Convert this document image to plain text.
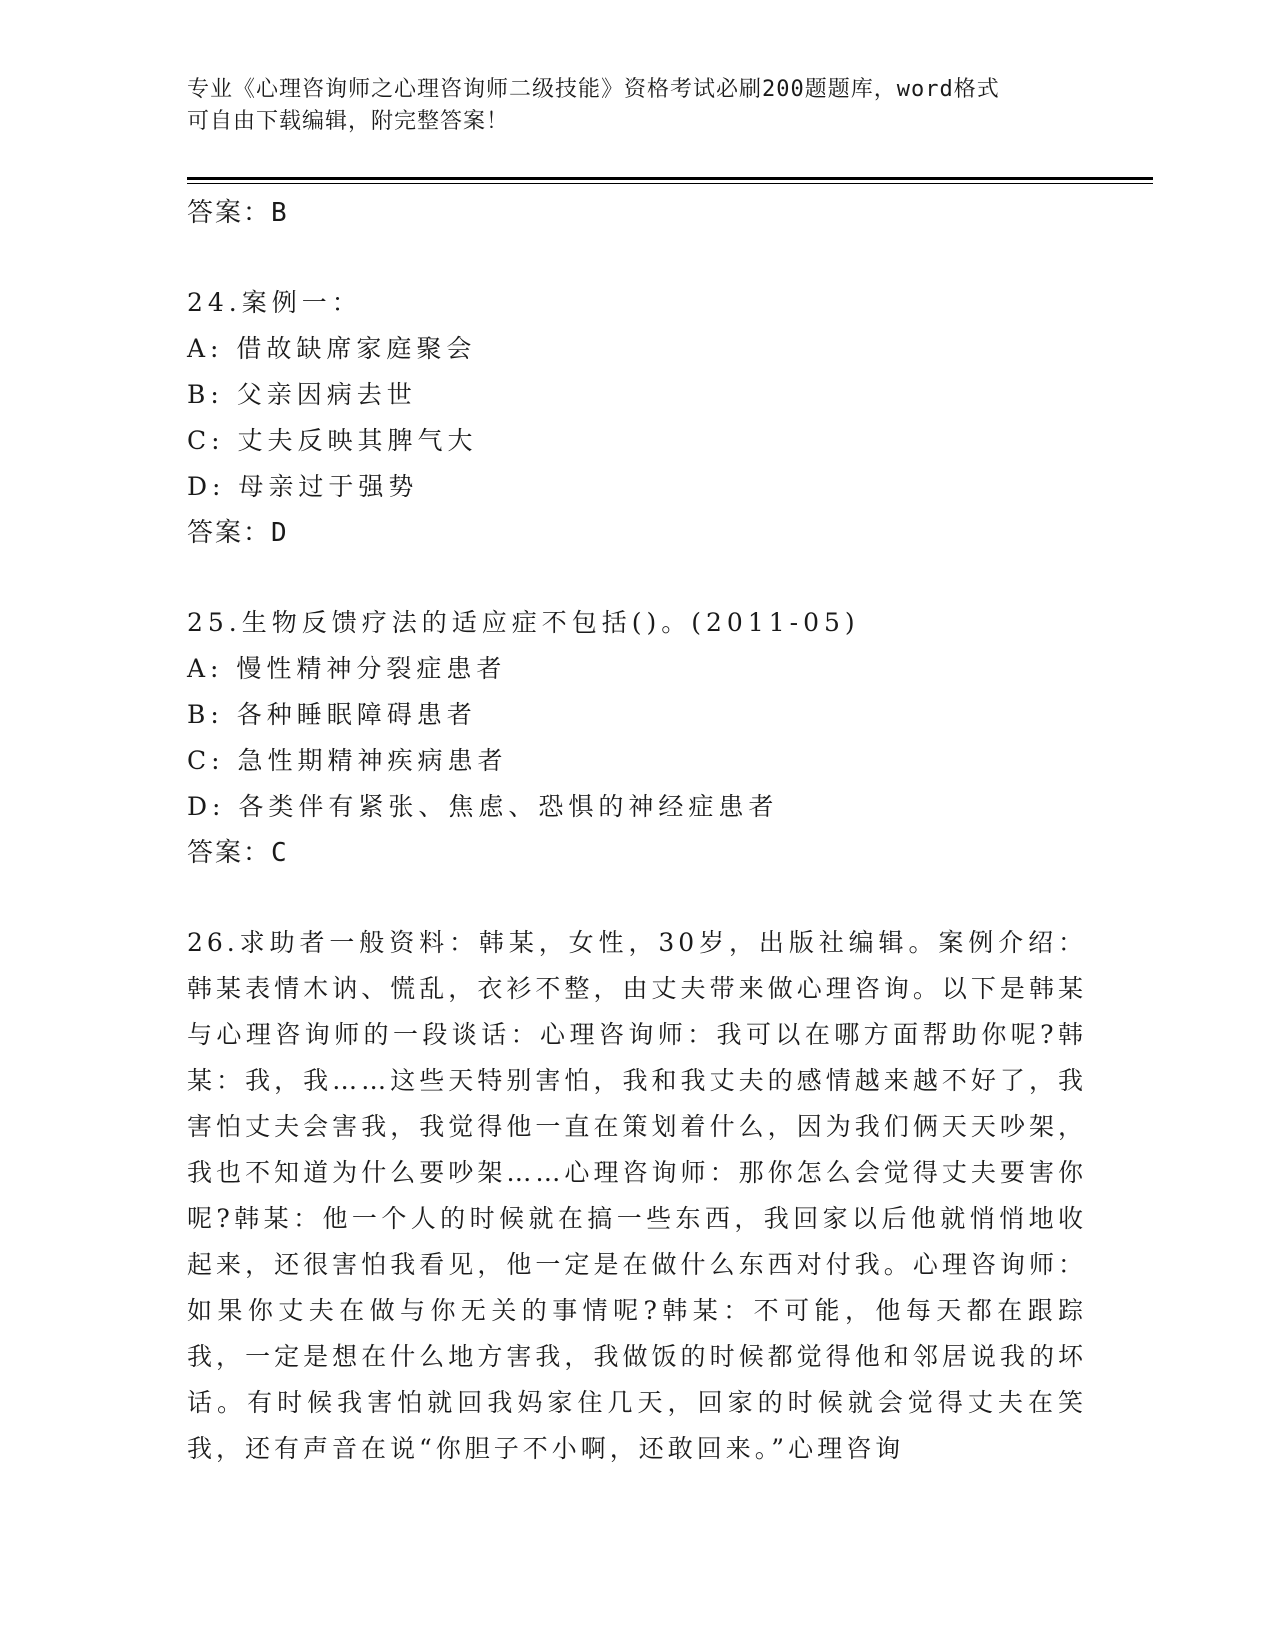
专业《心理咨询师之心理咨询师二级技能》资格考试必刷200题题库，word格式
可自由下载编辑，附完整答案！
答案：B
24.案例一：
A: 借故缺席家庭聚会
B: 父亲因病去世
C: 丈夫反映其脾气大
D: 母亲过于强势
答案：D
25.生物反馈疗法的适应症不包括()。(2011-05)
A: 慢性精神分裂症患者
B: 各种睡眠障碍患者
C: 急性期精神疾病患者
D: 各类伴有紧张、焦虑、恐惧的神经症患者
答案：C
26.求助者一般资料：韩某，女性，30岁，出版社编辑。案例介绍：韩某表情木讷、慌乱，衣衫不整，由丈夫带来做心理咨询。以下是韩某与心理咨询师的一段谈话：心理咨询师：我可以在哪方面帮助你呢?韩某：我，我……这些天特别害怕，我和我丈夫的感情越来越不好了，我害怕丈夫会害我，我觉得他一直在策划着什么，因为我们俩天天吵架，我也不知道为什么要吵架……心理咨询师：那你怎么会觉得丈夫要害你呢?韩某：他一个人的时候就在搞一些东西，我回家以后他就悄悄地收起来，还很害怕我看见，他一定是在做什么东西对付我。心理咨询师：如果你丈夫在做与你无关的事情呢?韩某：不可能，他每天都在跟踪我，一定是想在什么地方害我，我做饭的时候都觉得他和邻居说我的坏话。有时候我害怕就回我妈家住几天，回家的时候就会觉得丈夫在笑我，还有声音在说“你胆子不小啊，还敢回来。”心理咨询
